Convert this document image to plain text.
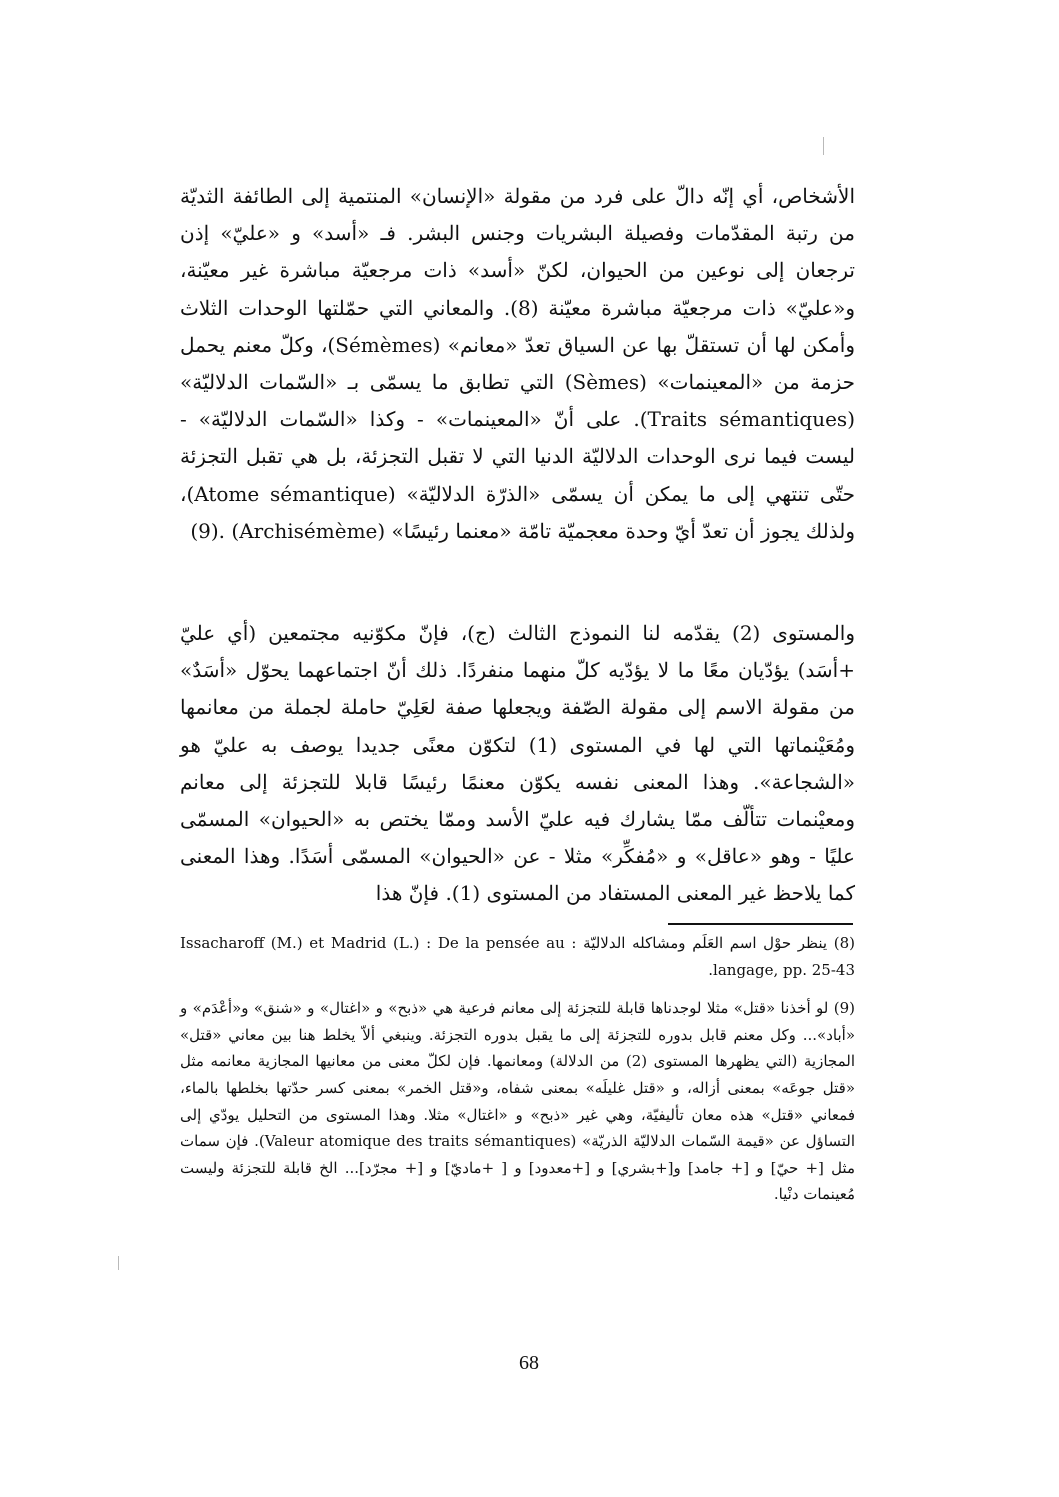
الأشخاص، أي إنّه دالّ على فرد من مقولة «الإنسان» المنتمية إلى الطائفة الثديّة من رتبة المقدّمات وفصيلة البشريات وجنس البشر. فـ «أسد» و «عليّ» إذن ترجعان إلى نوعين من الحيوان، لكنّ «أسد» ذات مرجعيّة مباشرة غير معيّنة، و«عليّ» ذات مرجعيّة مباشرة معيّنة (8). والمعاني التي حمّلتها الوحدات الثلاث وأمكن لها أن تستقلّ بها عن السياق تعدّ «معانم» (Sémèmes)، وكلّ معنم يحمل حزمة من «المعينمات» (Sèmes) التي تطابق ما يسمّى بـ «السّمات الدلاليّة» (Traits sémantiques). على أنّ «المعينمات» - وكذا «السّمات الدلاليّة» - ليست فيما نرى الوحدات الدلاليّة الدنيا التي لا تقبل التجزئة، بل هي تقبل التجزئة حتّى تنتهي إلى ما يمكن أن يسمّى «الذرّة الدلاليّة» (Atome sémantique)، ولذلك يجوز أن تعدّ أيّ وحدة معجميّة تامّة «معنما رئيسًا» (Archisémème) .(9)

والمستوى (2) يقدّمه لنا النموذج الثالث (ج)، فإنّ مكوّنيه مجتمعين (أي عليّ +أسَد) يؤدّيان معًا ما لا يؤدّيه كلّ منهما منفردًا. ذلك أنّ اجتماعهما يحوّل «أسَدٌ» من مقولة الاسم إلى مقولة الصّفة ويجعلها صفة لعَلِيّ حاملة لجملة من معانمها ومُعَيْنماتها التي لها في المستوى (1) لتكوّن معنًى جديدا يوصف به عليّ هو «الشجاعة». وهذا المعنى نفسه يكوّن معنمًا رئيسًا قابلا للتجزئة إلى معانم ومعيْنمات تتألّف ممّا يشارك فيه عليّ الأسد وممّا يختص به «الحيوان» المسمّى عليًا - وهو «عاقل» و «مُفكِّر» مثلا - عن «الحيوان» المسمّى أسَدًا. وهذا المعنى كما يلاحظ غير المعنى المستفاد من المستوى (1). فإنّ هذا

(8) ينظر حوْل اسم العَلَم ومشاكله الدلاليّة : Issacharoff (M.) et Madrid (L.) : De la pensée au langage, pp. 25-43.

(9) لو أخذنا «قتل» مثلا لوجدناها قابلة للتجزئة إلى معانم فرعية هي «ذبح» و «اغتال» و «شنق» و«أعْدَم» و «أباد»... وكل معنم قابل بدوره للتجزئة إلى ما يقبل بدوره التجزئة. وينبغي ألاّ يخلط هنا بين معاني «قتل» المجازية (التي يظهرها المستوى (2) من الدلالة) ومعانمها. فإن لكلّ معنى من معانيها المجازية معانمه مثل «قتل جوعَه» بمعنى أزاله، و «قتل غليلَه» بمعنى شفاه، و«قتل الخمر» بمعنى كسر حدّتها بخلطها بالماء، فمعاني «قتل» هذه معان تأليفيّة، وهي غير «ذبح» و «اغتال» مثلا. وهذا المستوى من التحليل يودّي إلى التساؤل عن «قيمة السّمات الدلاليّة الذريّة» (Valeur atomique des traits sémantiques). فإن سمات مثل [+ حيّ] و [+ جامد] و[+بشري] و [+معدود] و [ +ماديّ] و [+ مجرّد]... الخ قابلة للتجزئة وليست مُعينمات دنْيا.

68
